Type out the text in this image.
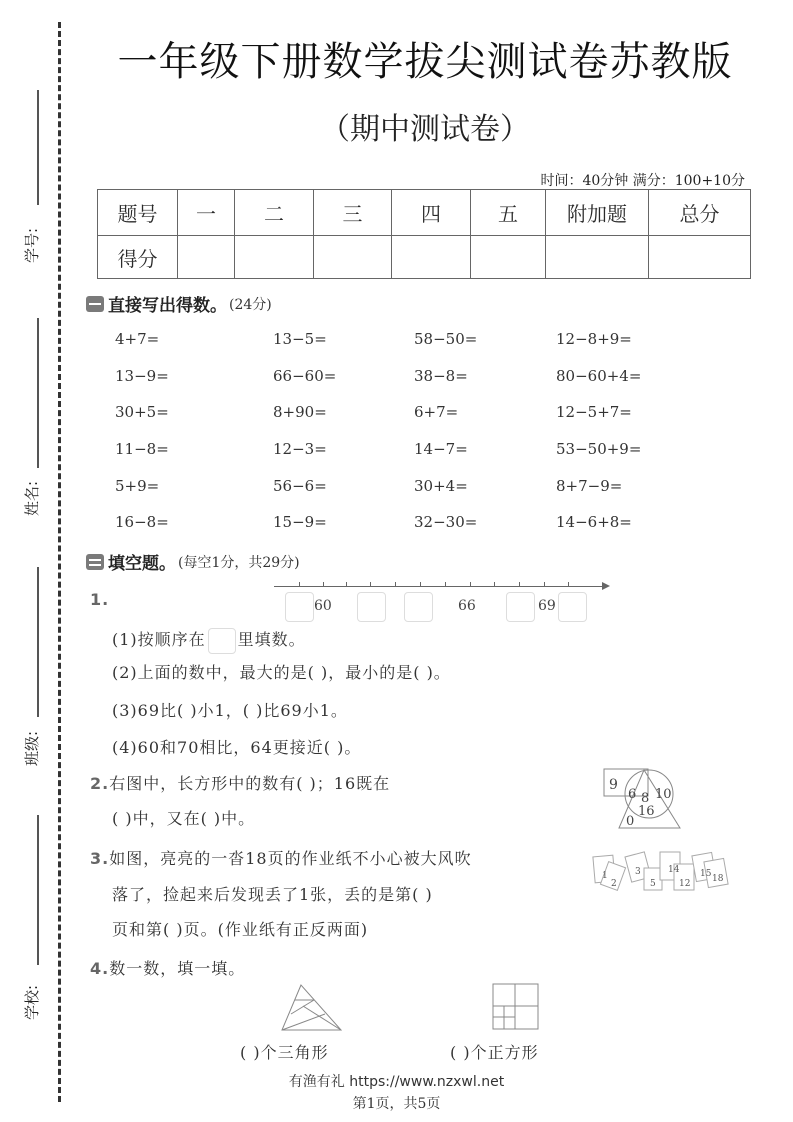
学号:
姓名:
班级:
学校:
一年级下册数学拔尖测试卷苏教版
（期中测试卷）
时间：40分钟 满分：100+10分
题号	一	二	三	四	五	附加题	总分
得分							
直接写出得数。 (24分)
4+7=	13−5=	58−50=	12−8+9=
13−9=	66−60=	38−8=	80−60+4=
30+5=	8+90=	6+7=	12−5+7=
11−8=	12−3=	14−7=	53−50+9=
5+9=	56−6=	30+4=	8+7−9=
16−8=	15−9=	32−30=	14−6+8=
填空题。 (每空1分，共29分)
1.	60	66	69
(1)按顺序在 里填数。
(2)上面的数中，最大的是( )，最小的是( )。
(3)69比( )小1，( )比69小1。
(4)60和70相比，64更接近( )。
2.右图中，长方形中的数有( )；16既在
( )中，又在( )中。
9
6 8 10
16
0
3.如图，亮亮的一沓18页的作业纸不小心被大风吹
落了，捡起来后发现丢了1张，丢的是第( )
页和第( )页。(作业纸有正反两面)
1
2
3
5
14
12
15 18
4.数一数，填一填。
( )个三角形	( )个正方形
有渔有礼 https://www.nzxwl.net
第1页，共5页
